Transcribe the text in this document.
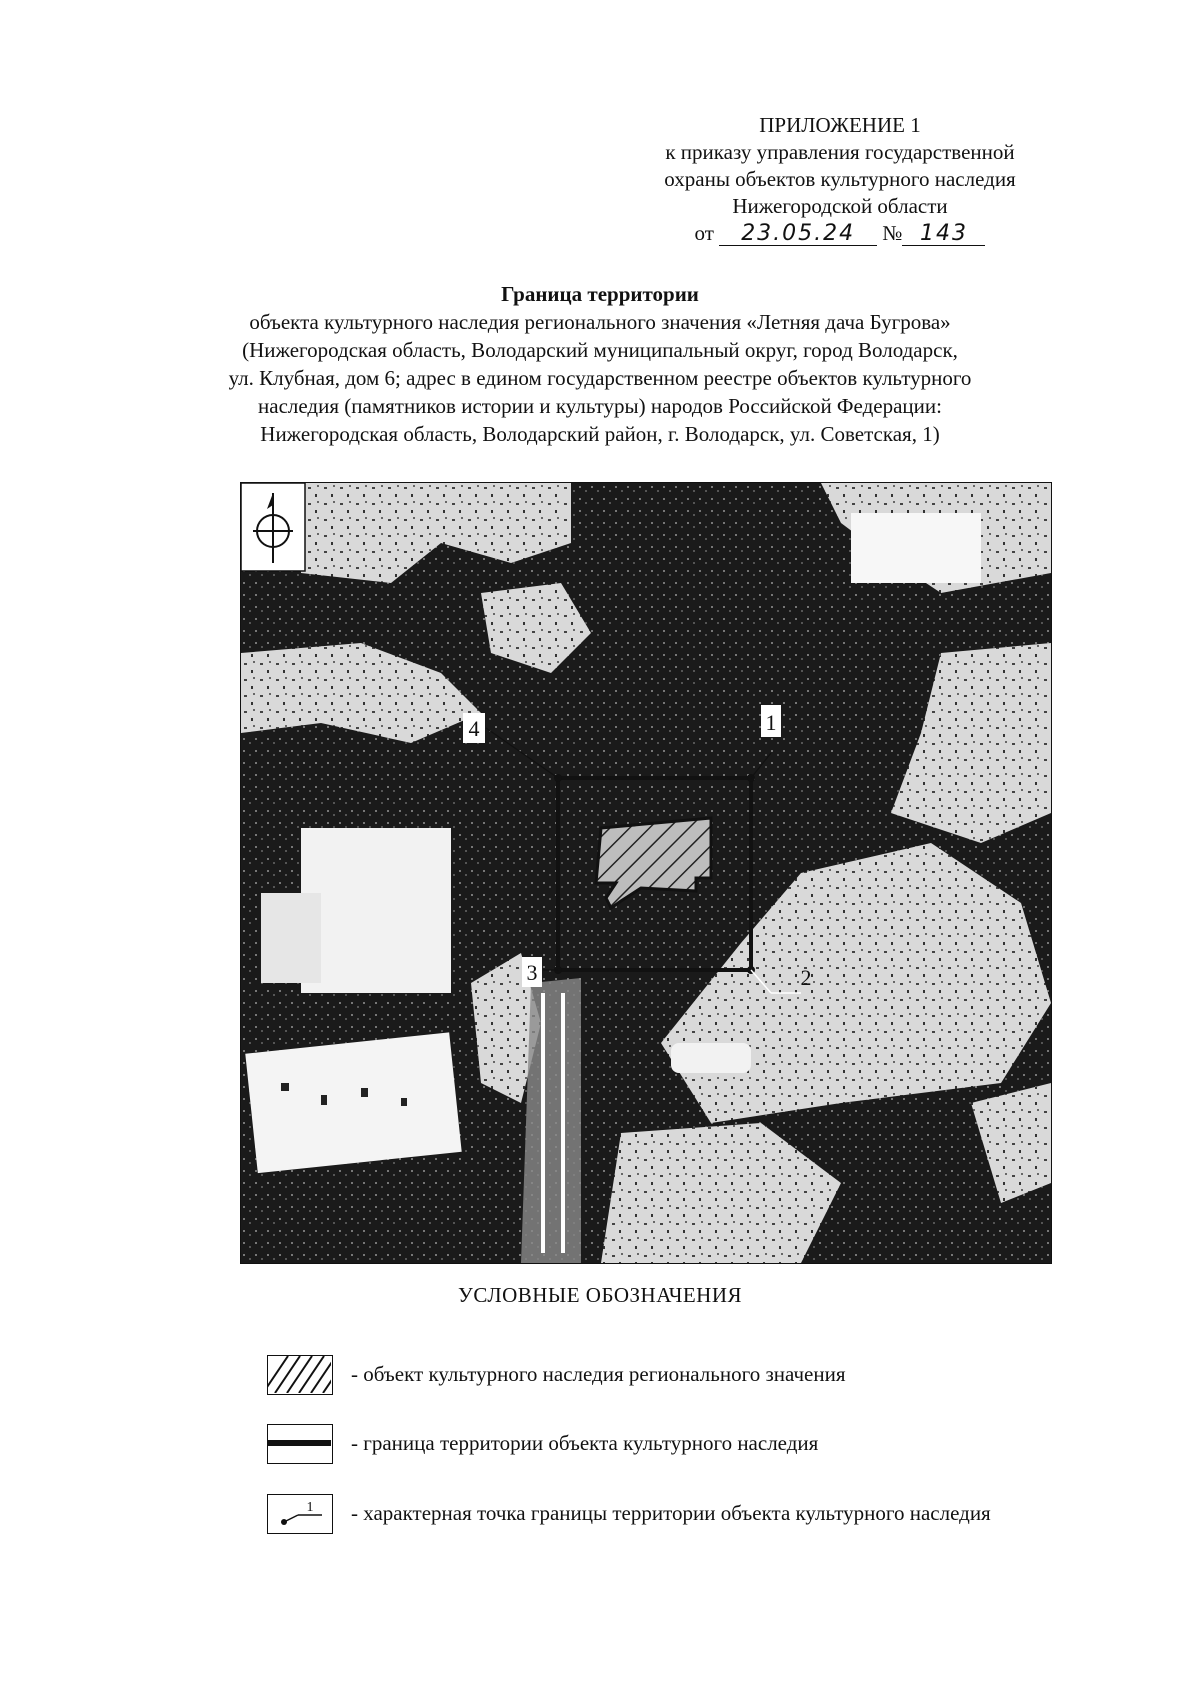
ПРИЛОЖЕНИЕ 1
к приказу управления государственной
охраны объектов культурного наследия
Нижегородской области
от 23.05.24 № 143
Граница территории
объекта культурного наследия регионального значения «Летняя дача Бугрова»
(Нижегородская область, Володарский муниципальный округ, город Володарск,
ул. Клубная, дом 6; адрес в едином государственном реестре объектов культурного
наследия (памятников истории и культуры) народов Российской Федерации:
Нижегородская область, Володарский район, г. Володарск, ул. Советская, 1)
1
2
3
4
УСЛОВНЫЕ ОБОЗНАЧЕНИЯ
- объект культурного наследия регионального значения
- граница территории объекта культурного наследия
1 - характерная точка границы территории объекта культурного наследия
